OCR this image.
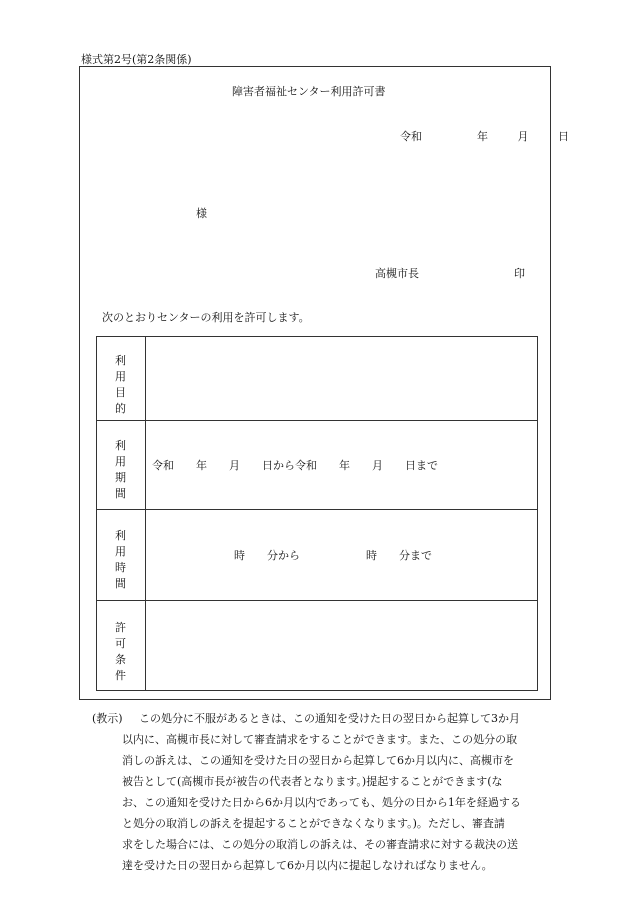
様式第2号(第2条関係)
障害者福祉センター利用許可書
令和	年	月	日
様
高槻市長	印
次のとおりセンターの利用を許可します。
利 用
目 的	

利 用
期 間	令和　　年　　月　　日から令和　　年　　月　　日まで

利 用
時 間	時　　分から　　　　　　時　　分まで

許 可
条 件	

(教示)	この処分に不服があるときは、この通知を受けた日の翌日から起算して3か月
以内に、高槻市長に対して審査請求をすることができます。また、この処分の取
消しの訴えは、この通知を受けた日の翌日から起算して6か月以内に、高槻市を
被告として(高槻市長が被告の代表者となります。)提起することができます(な
お、この通知を受けた日から6か月以内であっても、処分の日から1年を経過する
と処分の取消しの訴えを提起することができなくなります。)。ただし、審査請
求をした場合には、この処分の取消しの訴えは、その審査請求に対する裁決の送
達を受けた日の翌日から起算して6か月以内に提起しなければなりません。
